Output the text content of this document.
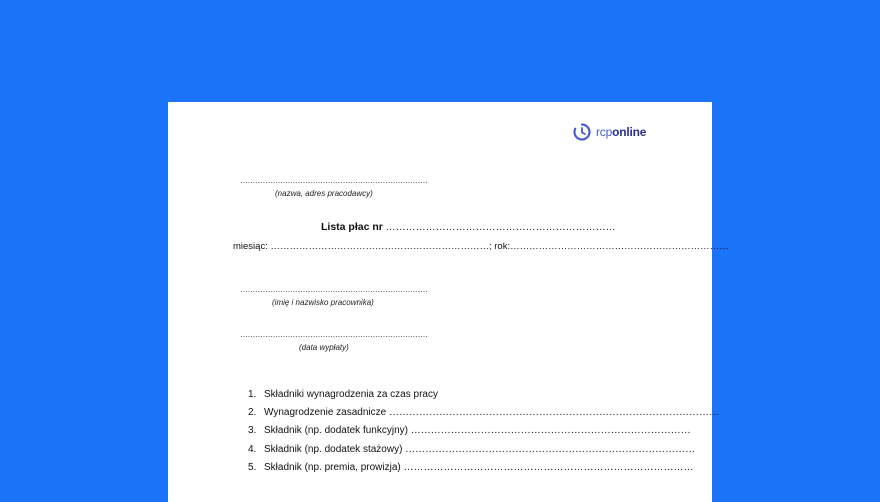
rcponline
…………………………………………………………………
(nazwa, adres pracodawcy)
Lista płac nr ……………………………………………………………
miesiąc: ……………………………………………………………; rok:……………………………………………………………
…………………………………………………………………
(imię i nazwisko pracownika)
…………………………………………………………………
(data wypłaty)
1. Składniki wynagrodzenia za czas pracy
2. Wynagrodzenie zasadnicze ………………………………………………………………………………………
3. Składnik (np. dodatek funkcyjny) …………………………………………………………………………
4. Składnik (np. dodatek stażowy) ……………………………………………………………………………
5. Składnik (np. premia, prowizja) ……………………………………………………………………………
